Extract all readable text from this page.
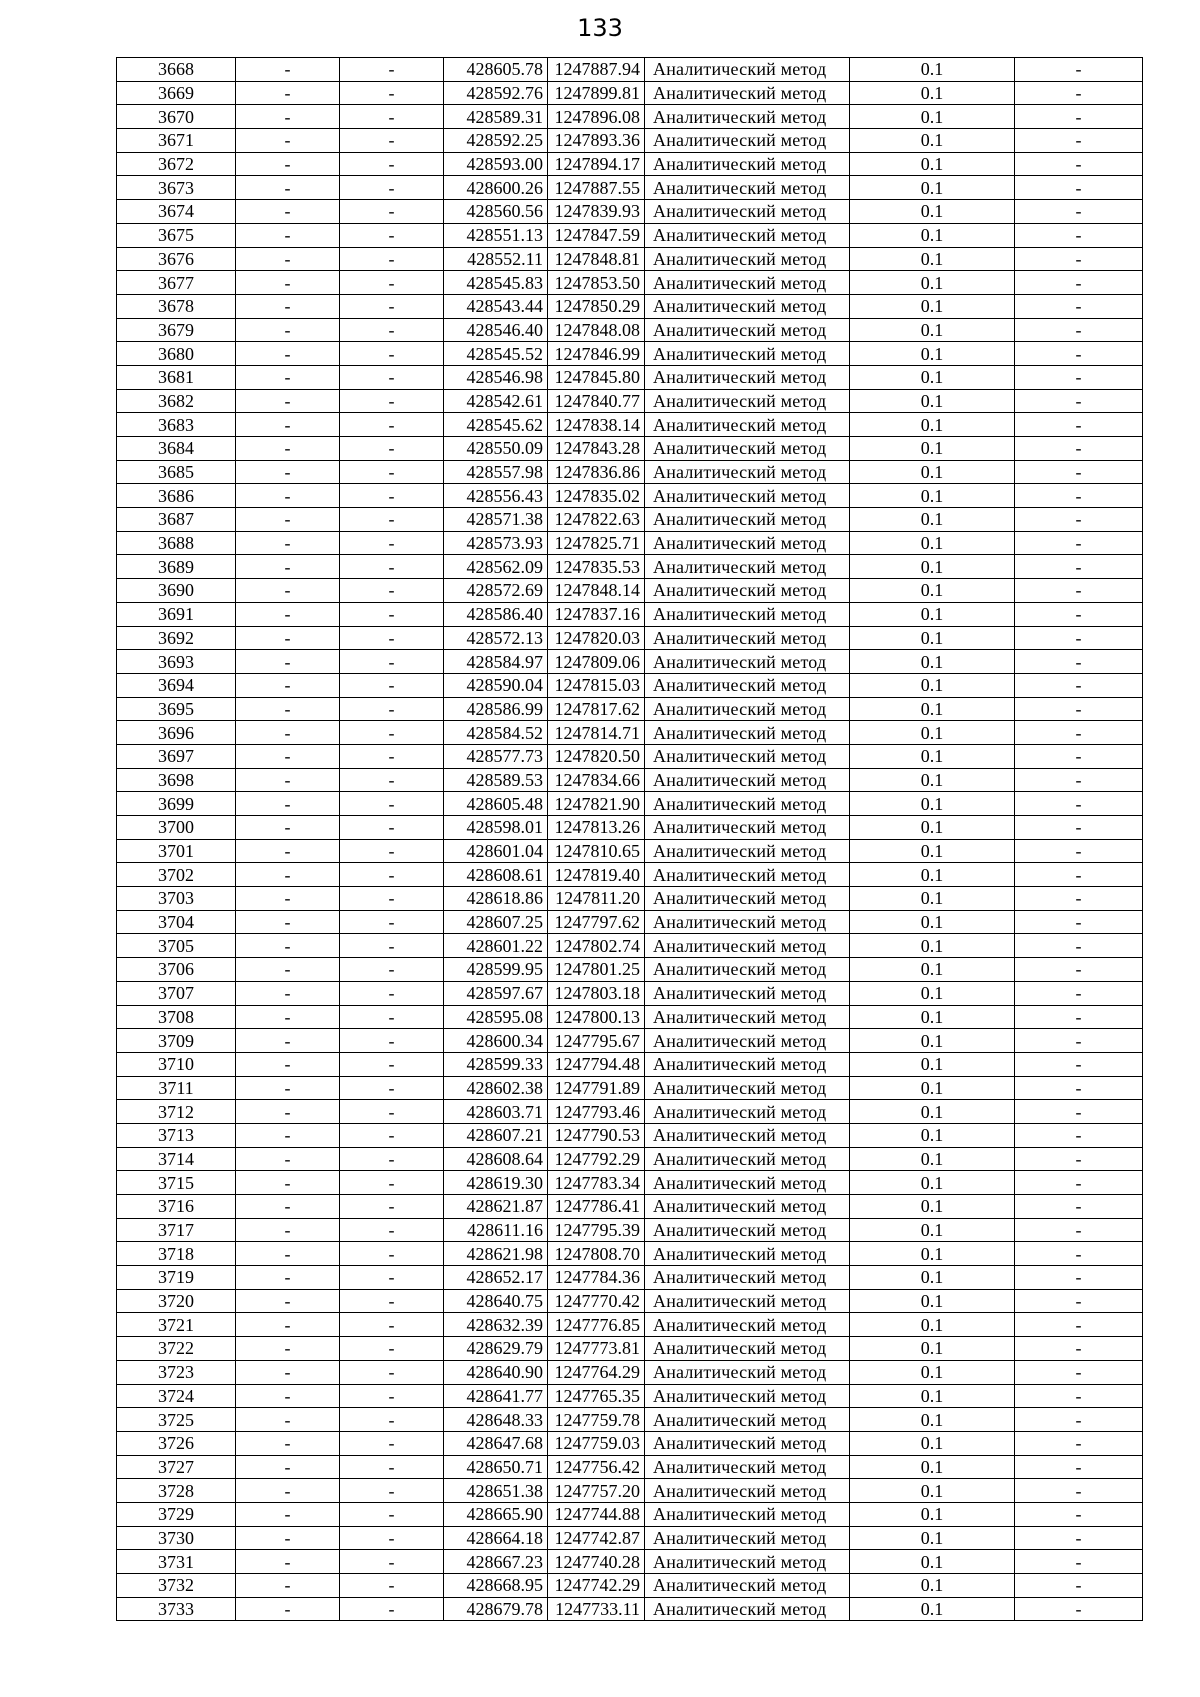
133
3668	-	-	428605.78	1247887.94	Аналитический метод	0.1	-
3669	-	-	428592.76	1247899.81	Аналитический метод	0.1	-
3670	-	-	428589.31	1247896.08	Аналитический метод	0.1	-
3671	-	-	428592.25	1247893.36	Аналитический метод	0.1	-
3672	-	-	428593.00	1247894.17	Аналитический метод	0.1	-
3673	-	-	428600.26	1247887.55	Аналитический метод	0.1	-
3674	-	-	428560.56	1247839.93	Аналитический метод	0.1	-
3675	-	-	428551.13	1247847.59	Аналитический метод	0.1	-
3676	-	-	428552.11	1247848.81	Аналитический метод	0.1	-
3677	-	-	428545.83	1247853.50	Аналитический метод	0.1	-
3678	-	-	428543.44	1247850.29	Аналитический метод	0.1	-
3679	-	-	428546.40	1247848.08	Аналитический метод	0.1	-
3680	-	-	428545.52	1247846.99	Аналитический метод	0.1	-
3681	-	-	428546.98	1247845.80	Аналитический метод	0.1	-
3682	-	-	428542.61	1247840.77	Аналитический метод	0.1	-
3683	-	-	428545.62	1247838.14	Аналитический метод	0.1	-
3684	-	-	428550.09	1247843.28	Аналитический метод	0.1	-
3685	-	-	428557.98	1247836.86	Аналитический метод	0.1	-
3686	-	-	428556.43	1247835.02	Аналитический метод	0.1	-
3687	-	-	428571.38	1247822.63	Аналитический метод	0.1	-
3688	-	-	428573.93	1247825.71	Аналитический метод	0.1	-
3689	-	-	428562.09	1247835.53	Аналитический метод	0.1	-
3690	-	-	428572.69	1247848.14	Аналитический метод	0.1	-
3691	-	-	428586.40	1247837.16	Аналитический метод	0.1	-
3692	-	-	428572.13	1247820.03	Аналитический метод	0.1	-
3693	-	-	428584.97	1247809.06	Аналитический метод	0.1	-
3694	-	-	428590.04	1247815.03	Аналитический метод	0.1	-
3695	-	-	428586.99	1247817.62	Аналитический метод	0.1	-
3696	-	-	428584.52	1247814.71	Аналитический метод	0.1	-
3697	-	-	428577.73	1247820.50	Аналитический метод	0.1	-
3698	-	-	428589.53	1247834.66	Аналитический метод	0.1	-
3699	-	-	428605.48	1247821.90	Аналитический метод	0.1	-
3700	-	-	428598.01	1247813.26	Аналитический метод	0.1	-
3701	-	-	428601.04	1247810.65	Аналитический метод	0.1	-
3702	-	-	428608.61	1247819.40	Аналитический метод	0.1	-
3703	-	-	428618.86	1247811.20	Аналитический метод	0.1	-
3704	-	-	428607.25	1247797.62	Аналитический метод	0.1	-
3705	-	-	428601.22	1247802.74	Аналитический метод	0.1	-
3706	-	-	428599.95	1247801.25	Аналитический метод	0.1	-
3707	-	-	428597.67	1247803.18	Аналитический метод	0.1	-
3708	-	-	428595.08	1247800.13	Аналитический метод	0.1	-
3709	-	-	428600.34	1247795.67	Аналитический метод	0.1	-
3710	-	-	428599.33	1247794.48	Аналитический метод	0.1	-
3711	-	-	428602.38	1247791.89	Аналитический метод	0.1	-
3712	-	-	428603.71	1247793.46	Аналитический метод	0.1	-
3713	-	-	428607.21	1247790.53	Аналитический метод	0.1	-
3714	-	-	428608.64	1247792.29	Аналитический метод	0.1	-
3715	-	-	428619.30	1247783.34	Аналитический метод	0.1	-
3716	-	-	428621.87	1247786.41	Аналитический метод	0.1	-
3717	-	-	428611.16	1247795.39	Аналитический метод	0.1	-
3718	-	-	428621.98	1247808.70	Аналитический метод	0.1	-
3719	-	-	428652.17	1247784.36	Аналитический метод	0.1	-
3720	-	-	428640.75	1247770.42	Аналитический метод	0.1	-
3721	-	-	428632.39	1247776.85	Аналитический метод	0.1	-
3722	-	-	428629.79	1247773.81	Аналитический метод	0.1	-
3723	-	-	428640.90	1247764.29	Аналитический метод	0.1	-
3724	-	-	428641.77	1247765.35	Аналитический метод	0.1	-
3725	-	-	428648.33	1247759.78	Аналитический метод	0.1	-
3726	-	-	428647.68	1247759.03	Аналитический метод	0.1	-
3727	-	-	428650.71	1247756.42	Аналитический метод	0.1	-
3728	-	-	428651.38	1247757.20	Аналитический метод	0.1	-
3729	-	-	428665.90	1247744.88	Аналитический метод	0.1	-
3730	-	-	428664.18	1247742.87	Аналитический метод	0.1	-
3731	-	-	428667.23	1247740.28	Аналитический метод	0.1	-
3732	-	-	428668.95	1247742.29	Аналитический метод	0.1	-
3733	-	-	428679.78	1247733.11	Аналитический метод	0.1	-
